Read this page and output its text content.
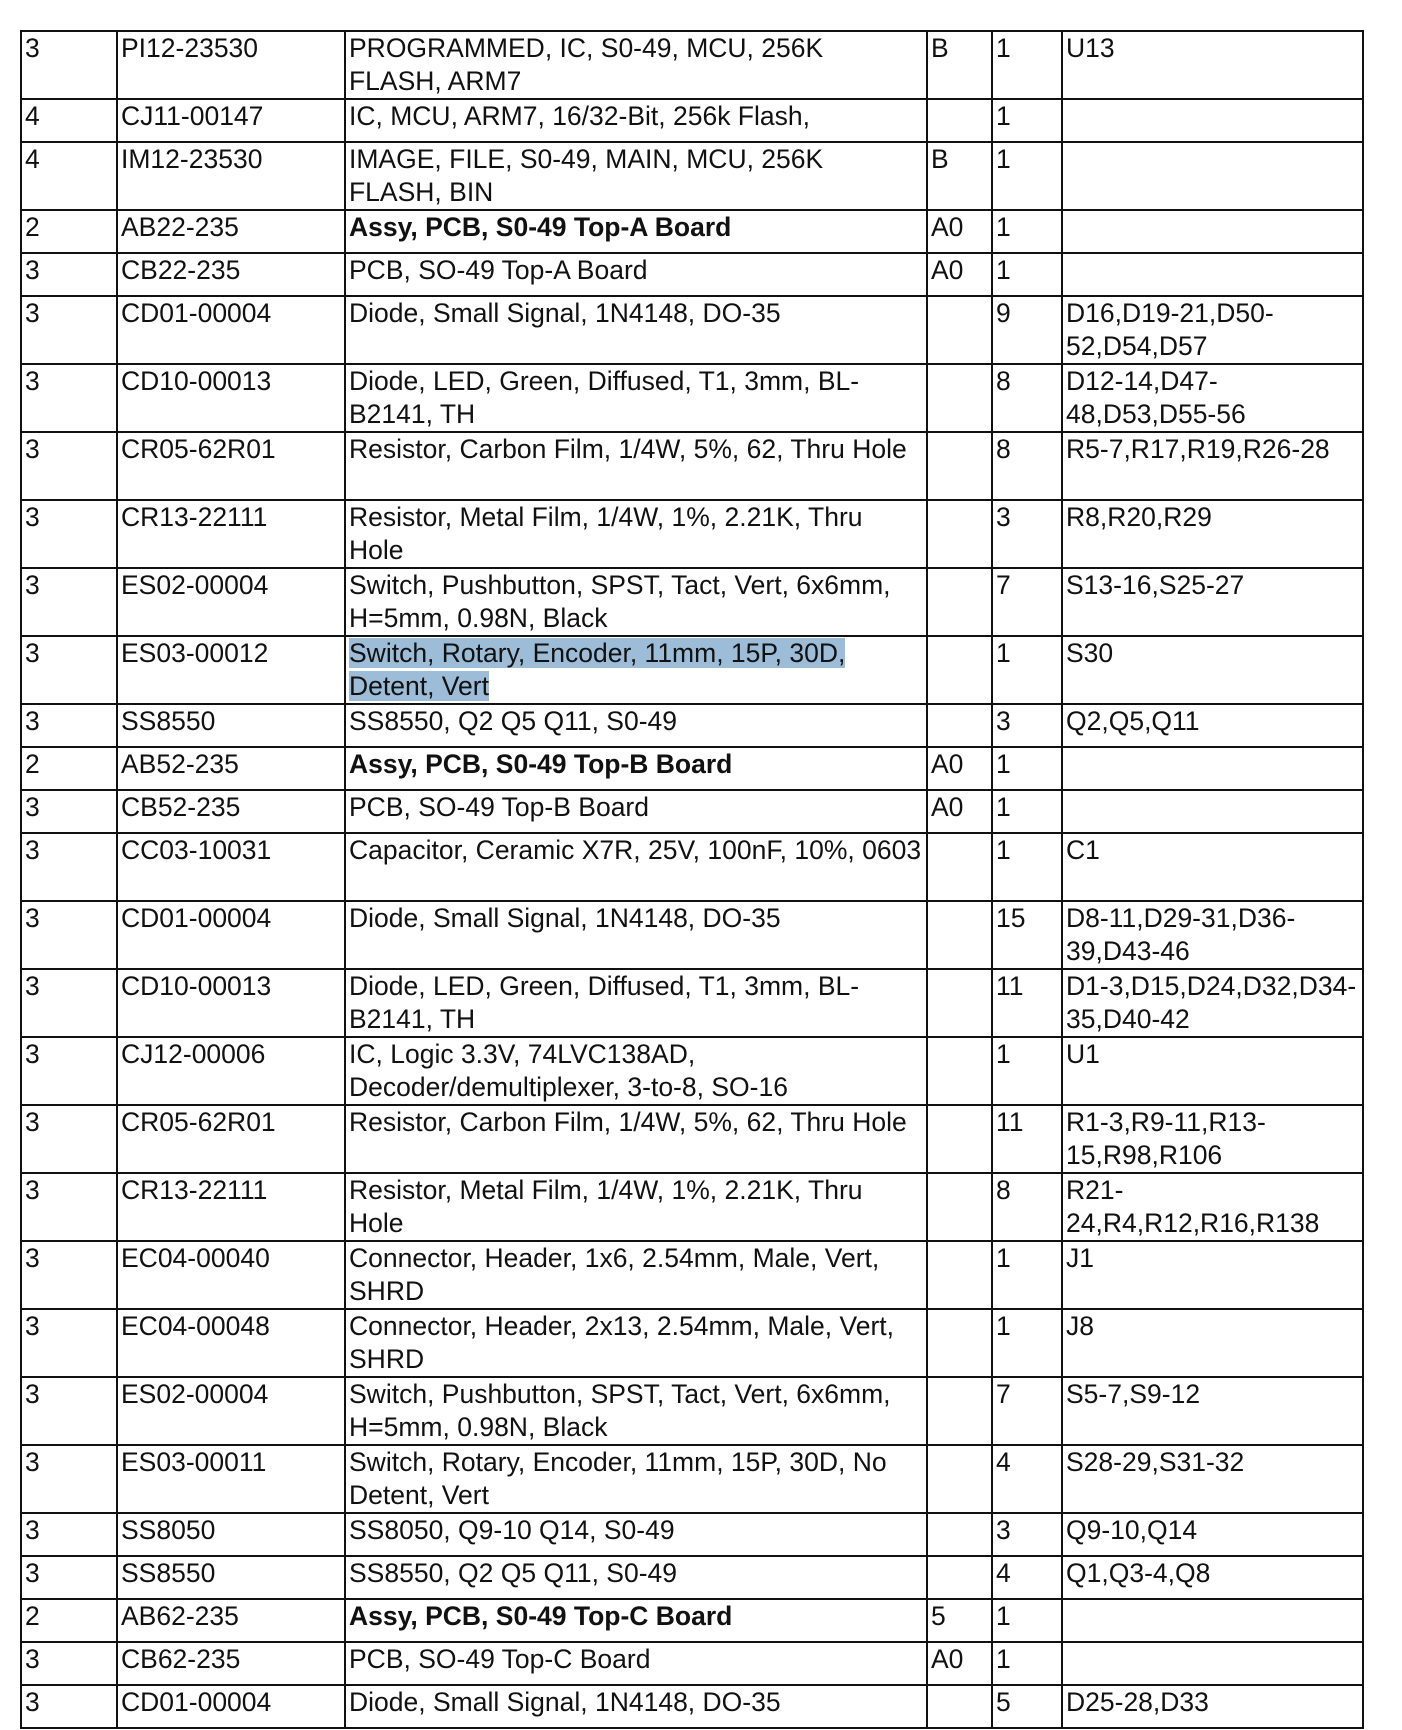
3	PI12-23530	PROGRAMMED, IC, S0-49, MCU, 256K FLASH, ARM7	B	1	U13
4	CJ11-00147	IC, MCU, ARM7, 16/32-Bit, 256k Flash,		1	
4	IM12-23530	IMAGE, FILE, S0-49, MAIN, MCU, 256K FLASH, BIN	B	1	
2	AB22-235	Assy, PCB, S0-49 Top-A Board	A0	1	
3	CB22-235	PCB, SO-49 Top-A Board	A0	1	
3	CD01-00004	Diode, Small Signal, 1N4148, DO-35		9	D16,D19-21,D50-52,D54,D57
3	CD10-00013	Diode, LED, Green, Diffused, T1, 3mm, BL-B2141, TH		8	D12-14,D47-48,D53,D55-56
3	CR05-62R01	Resistor, Carbon Film, 1/4W, 5%, 62, Thru Hole		8	R5-7,R17,R19,R26-28
3	CR13-22111	Resistor, Metal Film, 1/4W, 1%, 2.21K, Thru Hole		3	R8,R20,R29
3	ES02-00004	Switch, Pushbutton, SPST, Tact, Vert, 6x6mm, H=5mm, 0.98N, Black		7	S13-16,S25-27
3	ES03-00012	Switch, Rotary, Encoder, 11mm, 15P, 30D, Detent, Vert		1	S30
3	SS8550	SS8550, Q2 Q5 Q11, S0-49		3	Q2,Q5,Q11
2	AB52-235	Assy, PCB, S0-49 Top-B Board	A0	1	
3	CB52-235	PCB, SO-49 Top-B Board	A0	1	
3	CC03-10031	Capacitor, Ceramic X7R, 25V, 100nF, 10%, 0603		1	C1
3	CD01-00004	Diode, Small Signal, 1N4148, DO-35		15	D8-11,D29-31,D36-39,D43-46
3	CD10-00013	Diode, LED, Green, Diffused, T1, 3mm, BL-B2141, TH		11	D1-3,D15,D24,D32,D34-35,D40-42
3	CJ12-00006	IC, Logic 3.3V, 74LVC138AD, Decoder/demultiplexer, 3-to-8, SO-16		1	U1
3	CR05-62R01	Resistor, Carbon Film, 1/4W, 5%, 62, Thru Hole		11	R1-3,R9-11,R13-15,R98,R106
3	CR13-22111	Resistor, Metal Film, 1/4W, 1%, 2.21K, Thru Hole		8	R21-24,R4,R12,R16,R138
3	EC04-00040	Connector, Header, 1x6, 2.54mm, Male, Vert, SHRD		1	J1
3	EC04-00048	Connector, Header, 2x13, 2.54mm, Male, Vert, SHRD		1	J8
3	ES02-00004	Switch, Pushbutton, SPST, Tact, Vert, 6x6mm, H=5mm, 0.98N, Black		7	S5-7,S9-12
3	ES03-00011	Switch, Rotary, Encoder, 11mm, 15P, 30D, No Detent, Vert		4	S28-29,S31-32
3	SS8050	SS8050, Q9-10 Q14, S0-49		3	Q9-10,Q14
3	SS8550	SS8550, Q2 Q5 Q11, S0-49		4	Q1,Q3-4,Q8
2	AB62-235	Assy, PCB, S0-49 Top-C Board	5	1	
3	CB62-235	PCB, SO-49 Top-C Board	A0	1	
3	CD01-00004	Diode, Small Signal, 1N4148, DO-35		5	D25-28,D33
